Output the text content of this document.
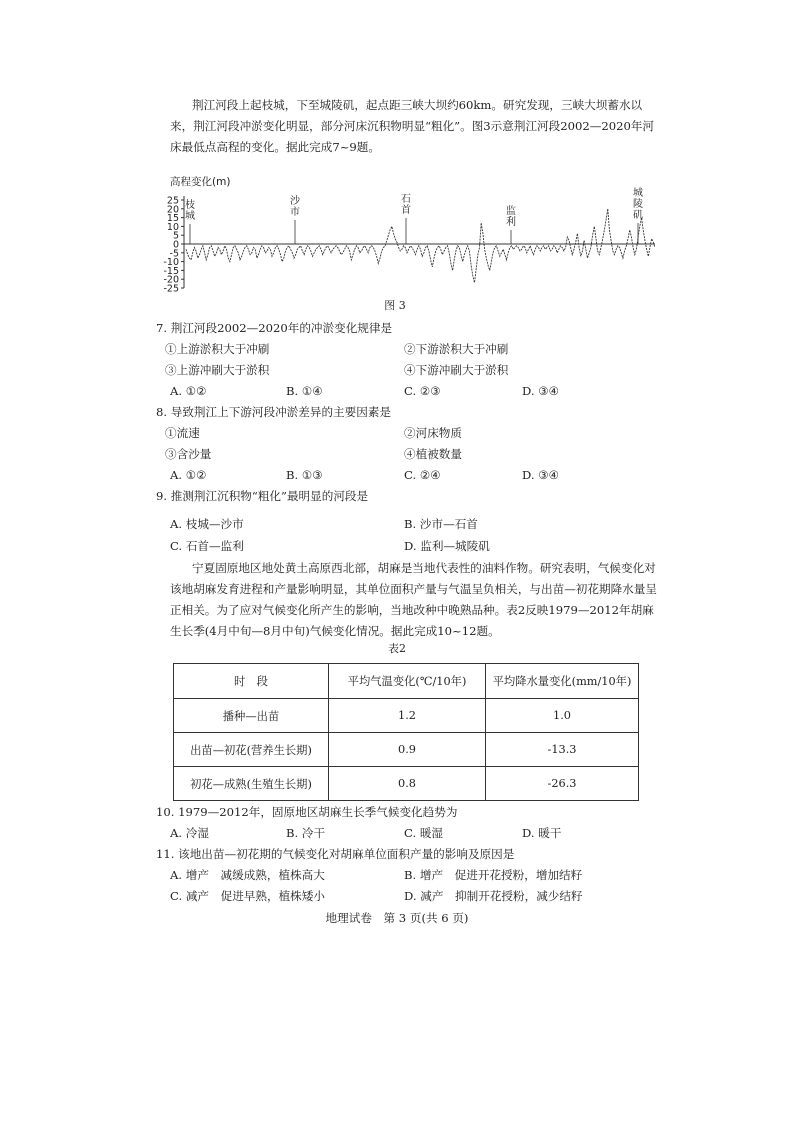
荆江河段上起枝城，下至城陵矶，起点距三峡大坝约60km。研究发现，三峡大坝蓄水以来，荆江河段冲淤变化明显，部分河床沉积物明显“粗化”。图3示意荆江河段2002—2020年河床最低点高程的变化。据此完成7~9题。
高程变化(m)
25
20
15
10
5
0
-5
-10
-15
-20
-25
枝
城
沙
市
石
首	监
利
城
陵
矶
图 3
7. 荆江河段2002—2020年的冲淤变化规律是
①上游淤积大于冲刷	②下游淤积大于冲刷
③上游冲刷大于淤积	④下游冲刷大于淤积
A. ①②	B. ①④	C. ②③	D. ③④
8. 导致荆江上下游河段冲淤差异的主要因素是
①流速	②河床物质
③含沙量	④植被数量
A. ①②	B. ①③	C. ②④	D. ③④
9. 推测荆江沉积物“粗化”最明显的河段是
A. 枝城—沙市	B. 沙市—石首
C. 石首—监利	D. 监利—城陵矶
宁夏固原地区地处黄土高原西北部，胡麻是当地代表性的油料作物。研究表明，气候变化对该地胡麻发育进程和产量影响明显，其单位面积产量与气温呈负相关，与出苗—初花期降水量呈正相关。为了应对气候变化所产生的影响，当地改种中晚熟品种。表2反映1979—2012年胡麻生长季(4月中旬—8月中旬)气候变化情况。据此完成10~12题。
表2
时　段	平均气温变化(℃/10年)	平均降水量变化(mm/10年)
播种—出苗	1.2	1.0
出苗—初花(营养生长期)	0.9	-13.3
初花—成熟(生殖生长期)	0.8	-26.3
10. 1979—2012年，固原地区胡麻生长季气候变化趋势为
A. 冷湿	B. 冷干	C. 暖湿	D. 暖干
11. 该地出苗—初花期的气候变化对胡麻单位面积产量的影响及原因是
A. 增产　减缓成熟，植株高大	B. 增产　促进开花授粉，增加结籽
C. 减产　促进早熟，植株矮小	D. 减产　抑制开花授粉，减少结籽
地理试卷　第 3 页(共 6 页)
